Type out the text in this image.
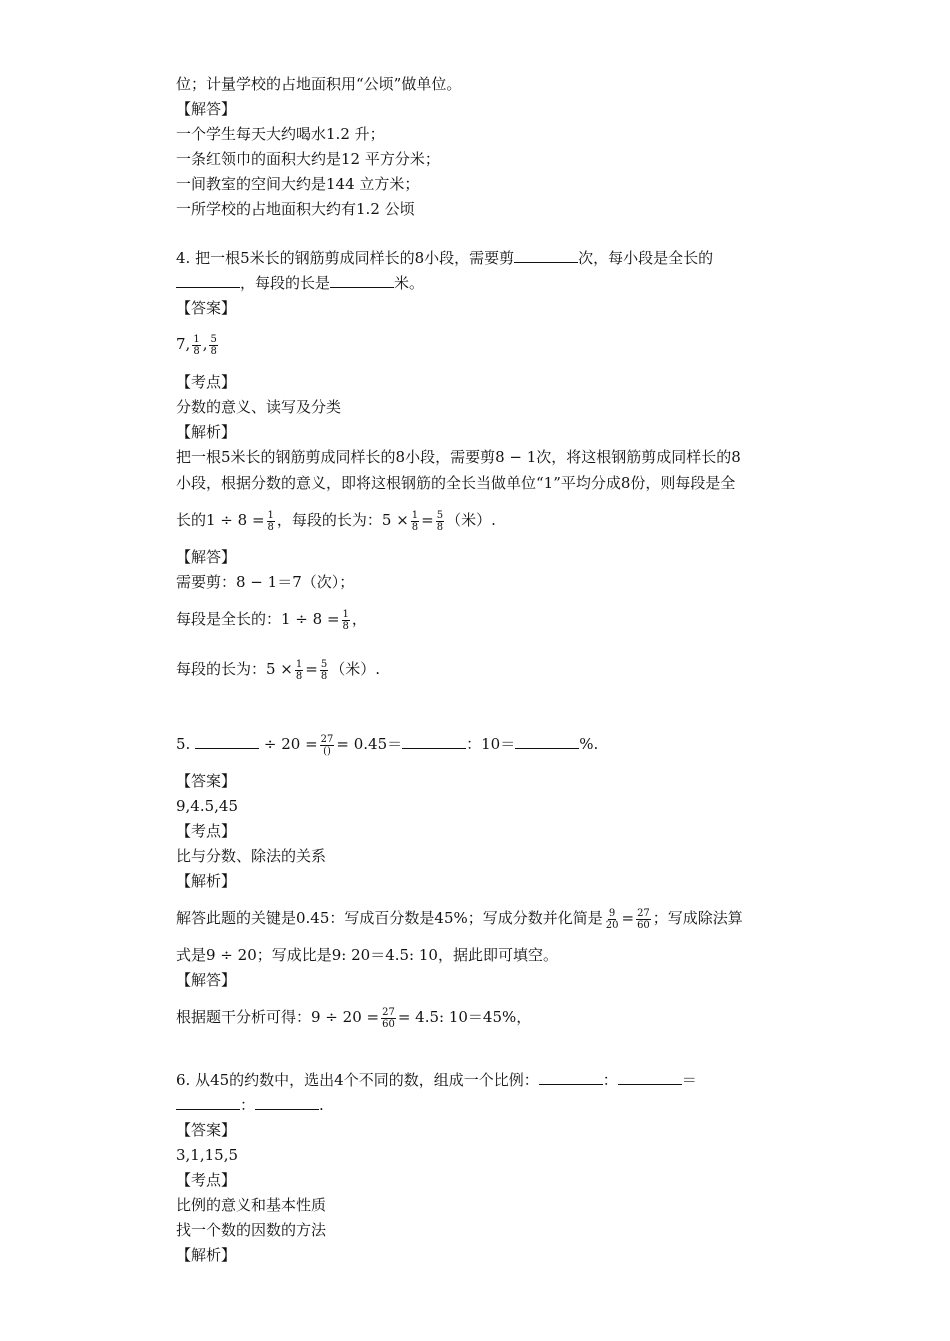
位；计量学校的占地面积用“公顷”做单位。
【解答】
一个学生每天大约喝水1.2 升；
一条红领巾的面积大约是12 平方分米；
一间教室的空间大约是144 立方米；
一所学校的占地面积大约有1.2 公顷
4. 把一根5米长的钢筋剪成同样长的8小段，需要剪	次，每小段是全长的
，每段的长是	米。
【答案】
7, $\frac{1}{8}$ , $\frac{5}{8}$
【考点】
分数的意义、读写及分类
【解析】
把一根5米长的钢筋剪成同样长的8小段，需要剪8 − 1次，将这根钢筋剪成同样长的8
小段，根据分数的意义，即将这根钢筋的全长当做单位“1”平均分成8份，则每段是全
长的$1 \div 8 = \frac{1}{8}$ ，每段的长为：$5 \times \frac{1}{8} = \frac{5}{8}$ （米）.
【解答】
需要剪：8 − 1＝7（次）；
每段是全长的：$1 \div 8 = \frac{1}{8}$ ，
每段的长为：$5 \times \frac{1}{8} = \frac{5}{8}$ （米）.
5.	÷ $20 = \frac{27}{()} = 0.45=$	：10＝	%.
【答案】
9,4.5,45
【考点】
比与分数、除法的关系
【解析】
解答此题的关键是0.45：写成百分数是45%；写成分数并化简是 $\frac{9}{20} = \frac{27}{60}$ ；写成除法算
式是9 ÷ 20；写成比是9: 20＝4.5: 10，据此即可填空。
【解答】
根据题干分析可得：$9 \div 20 = \frac{27}{60} = 4.5$: 10＝45%，
6. 从45的约数中，选出4个不同的数，组成一个比例：	：	＝
：	.
【答案】
3,1,15,5
【考点】
比例的意义和基本性质
找一个数的因数的方法
【解析】
